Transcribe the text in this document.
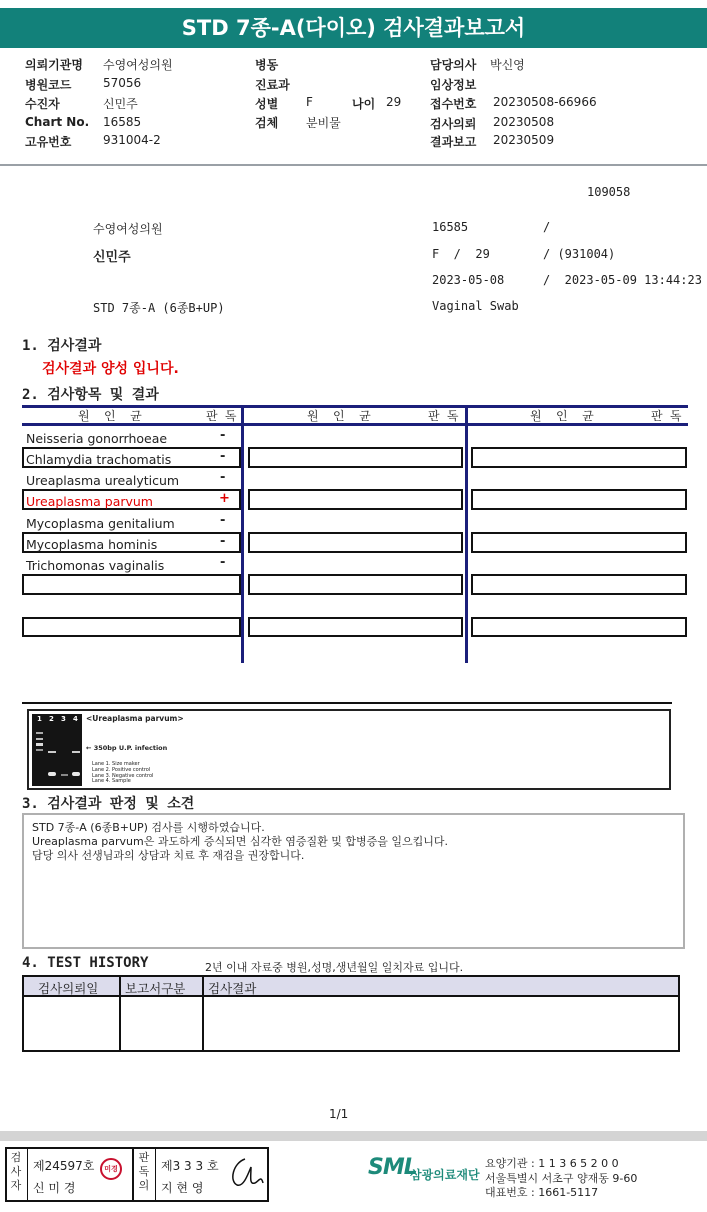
STD 7종-A(다이오) 검사결과보고서
의뢰기관명 수영여성의원	병동	담당의사 박신영
병원코드	57056	진료과	임상정보
수진자	신민주	성별 F	나이 29 접수번호 20230508-66966
Chart No. 16585	검체 분비물	검사의뢰 20230508
고유번호	931004-2	결과보고 20230509
109058
수영여성의원	16585	/
신민주	F  /  29	/ (931004)
2023-05-08	/  2023-05-09 13:44:23
STD 7종-A (6종B+UP)	Vaginal Swab
1. 검사결과
검사결과 양성 입니다.
2. 검사항목 및 결과
원  인  균	판 독	원  인  균	판 독	원  인  균	판 독
Neisseria gonorrhoeae	-
Chlamydia trachomatis	-
Ureaplasma urealyticum	-
Ureaplasma parvum	+
Mycoplasma genitalium	-
Mycoplasma hominis	-
Trichomonas vaginalis	-
1 2 3 4 <Ureaplasma parvum>
← 350bp U.P. infection
Lane 1. Size maker
Lane 2. Positive control
Lane 3. Negative control
Lane 4. Sample
3. 검사결과 판정 및 소견
STD 7종-A (6종B+UP) 검사를 시행하였습니다.
Ureaplasma parvum은 과도하게 증식되면 심각한 염증질환 및 합병증을 일으킵니다.
담당 의사 선생님과의 상담과 치료 후 재검을 권장합니다.
4. TEST HISTORY	2년 이내 자료중 병원,성명,생년월일 일치자료 입니다.
검사의뢰일 보고서구분 검사결과
1/1
검사자
제24597호
신 미 경
미경
판독의
제3 3 3 호
지 현 영
SML
삼광의료재단
요양기관 : 1 1 3 6 5 2 0 0
서울특별시 서초구 양재동 9-60
대표번호 : 1661-5117
